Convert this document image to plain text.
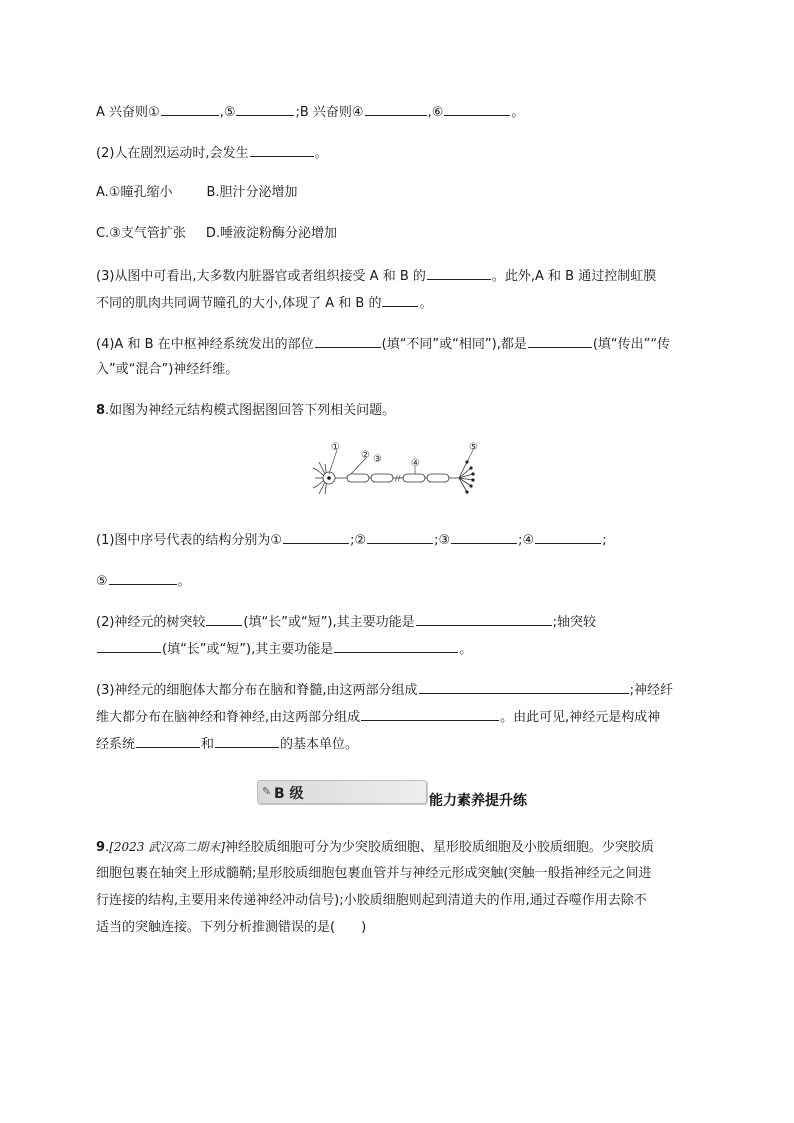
A 兴奋则①	,⑤	;B 兴奋则④	,⑥	。
(2)人在剧烈运动时,会发生	。
A.①瞳孔缩小	B.胆汁分泌增加
C.③支气管扩张 D.唾液淀粉酶分泌增加
(3)从图中可看出,大多数内脏器官或者组织接受 A 和 B 的	。此外,A 和 B 通过控制虹膜
不同的肌肉共同调节瞳孔的大小,体现了 A 和 B 的	。
(4)A 和 B 在中枢神经系统发出的部位	(填“不同”或“相同”),都是	(填“传出”“传
入”或“混合”)神经纤维。
8.如图为神经元结构模式图据图回答下列相关问题。
//
①
② ③	④
⑤
(1)图中序号代表的结构分别为①	;②	;③	;④	;
⑤	。
(2)神经元的树突较	(填“长”或“短”),其主要功能是	;轴突较
(填“长”或“短”),其主要功能是	。
(3)神经元的细胞体大都分布在脑和脊髓,由这两部分组成	;神经纤
维大都分布在脑神经和脊神经,由这两部分组成	。由此可见,神经元是构成神
经系统	和	的基本单位。
✎ B 级	能力素养提升练
9.[2023 武汉高二期末]神经胶质细胞可分为少突胶质细胞、星形胶质细胞及小胶质细胞。少突胶质
细胞包裹在轴突上形成髓鞘;星形胶质细胞包裹血管并与神经元形成突触(突触一般指神经元之间进
行连接的结构,主要用来传递神经冲动信号);小胶质细胞则起到清道夫的作用,通过吞噬作用去除不
适当的突触连接。下列分析推测错误的是(　　)
